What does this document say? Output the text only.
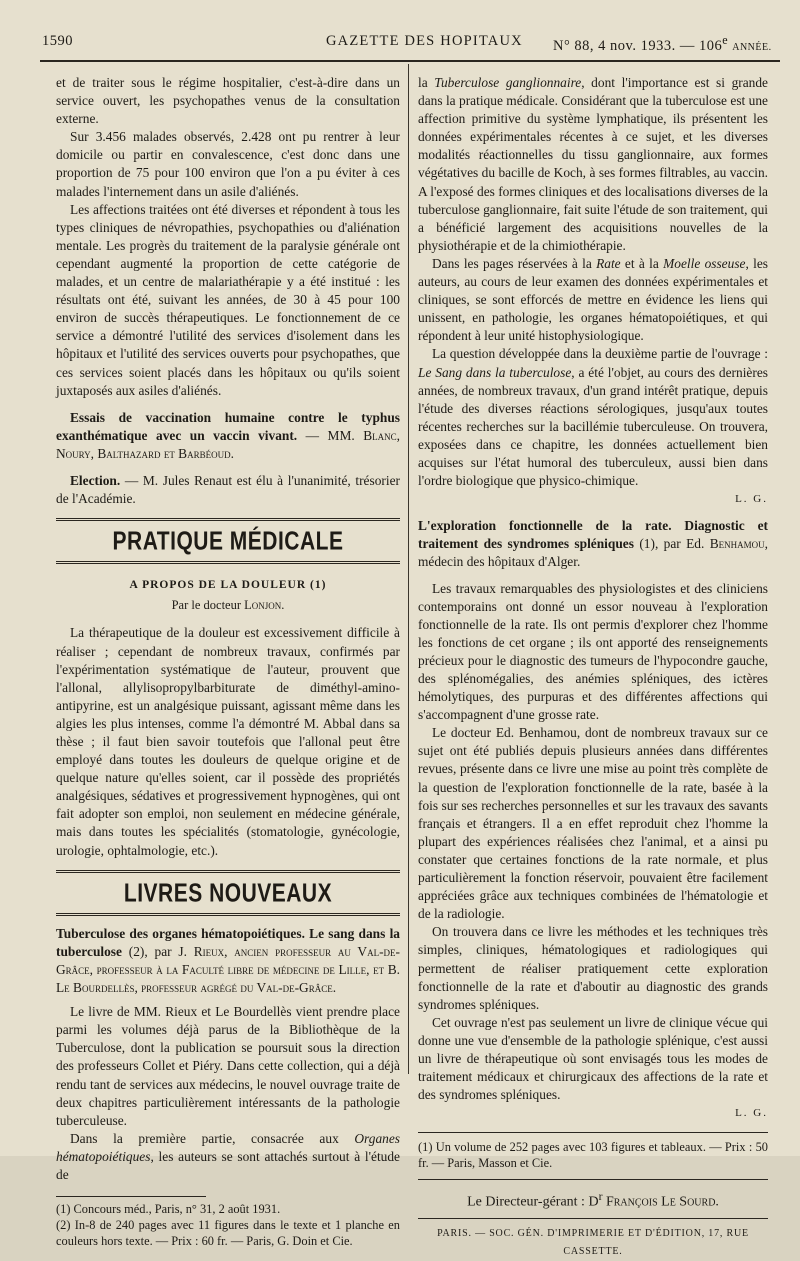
1590	GAZETTE DES HOPITAUX N° 88, 4 nov. 1933. — 106e ANNÉE.

et de traiter sous le régime hospitalier, c'est-à-dire dans un service ouvert, les psychopathes venus de la consultation externe.

Sur 3.456 malades observés, 2.428 ont pu rentrer à leur domicile ou partir en convalescence, c'est donc dans une proportion de 75 pour 100 environ que l'on a pu éviter à ces malades l'internement dans un asile d'aliénés.

Les affections traitées ont été diverses et répondent à tous les types cliniques de névropathies, psychopathies ou d'aliénation mentale. Les progrès du traitement de la paralysie générale ont cependant augmenté la proportion de cette catégorie de malades, et un centre de malariathérapie y a été institué : les résultats ont été, suivant les années, de 30 à 45 pour 100 environ de succès thérapeutiques. Le fonctionnement de ce service a démontré l'utilité des services d'isolement dans les hôpitaux et l'utilité des services ouverts pour psychopathes, que ces services soient placés dans les hôpitaux ou qu'ils soient juxtaposés aux asiles d'aliénés.

Essais de vaccination humaine contre le typhus exanthématique avec un vaccin vivant. — MM. Blanc, Noury, Balthazard et Barbéoud.

Election. — M. Jules Renaut est élu à l'unanimité, trésorier de l'Académie.

PRATIQUE MÉDICALE
A PROPOS DE LA DOULEUR (1)
Par le docteur Lonjon.

La thérapeutique de la douleur est excessivement difficile à réaliser ; cependant de nombreux travaux, confirmés par l'expérimentation systématique de l'auteur, prouvent que l'allonal, allylisopropylbarbiturate de diméthyl-amino-antipyrine, est un analgésique puissant, agissant même dans les algies les plus intenses, comme l'a démontré M. Abbal dans sa thèse ; il faut bien savoir toutefois que l'allonal peut être employé dans toutes les douleurs de quelque origine et de quelque nature qu'elles soient, car il possède des propriétés analgésiques, sédatives et progressivement hypnogènes, qui ont fait adopter son emploi, non seulement en médecine générale, mais dans toutes les spécialités (stomatologie, gynécologie, urologie, ophtalmologie, etc.).

LIVRES NOUVEAUX

Tuberculose des organes hématopoiétiques. Le sang dans la tuberculose (2), par J. Rieux, ancien professeur au Val-de-Grâce, professeur à la Faculté libre de médecine de Lille, et B. Le Bourdellès, professeur agrégé du Val-de-Grâce.

Le livre de MM. Rieux et Le Bourdellès vient prendre place parmi les volumes déjà parus de la Bibliothèque de la Tuberculose, dont la publication se poursuit sous la direction des professeurs Collet et Piéry. Dans cette collection, qui a déjà rendu tant de services aux médecins, le nouvel ouvrage traite de deux chapitres particulièrement intéressants de la pathologie tuberculeuse.

Dans la première partie, consacrée aux Organes hématopoiétiques, les auteurs se sont attachés surtout à l'étude de

(1) Concours méd., Paris, n° 31, 2 août 1931.

(2) In-8 de 240 pages avec 11 figures dans le texte et 1 planche en couleurs hors texte. — Prix : 60 fr. — Paris, G. Doin et Cie.

la Tuberculose ganglionnaire, dont l'importance est si grande dans la pratique médicale. Considérant que la tuberculose est une affection primitive du système lymphatique, ils présentent les données expérimentales récentes à ce sujet, et les diverses modalités réactionnelles du tissu ganglionnaire, aux formes végétatives du bacille de Koch, à ses formes filtrables, au vaccin. A l'exposé des formes cliniques et des localisations diverses de la tuberculose ganglionnaire, fait suite l'étude de son traitement, qui a bénéficié largement des acquisitions nouvelles de la physiothérapie et de la chimiothérapie.

Dans les pages réservées à la Rate et à la Moelle osseuse, les auteurs, au cours de leur examen des données expérimentales et cliniques, se sont efforcés de mettre en évidence les liens qui unissent, en pathologie, les organes hématopoiétiques, et qui répondent à leur unité histophysiologique.

La question développée dans la deuxième partie de l'ouvrage : Le Sang dans la tuberculose, a été l'objet, au cours des dernières années, de nombreux travaux, d'un grand intérêt pratique, depuis l'étude des diverses réactions sérologiques, jusqu'aux toutes récentes recherches sur la bacillémie tuberculeuse. On trouvera, exposées dans ce chapitre, les données actuellement bien acquises sur l'état humoral des tuberculeux, aussi bien dans l'ordre biologique que physico-chimique.

L. G.

L'exploration fonctionnelle de la rate. Diagnostic et traitement des syndromes spléniques (1), par Ed. Benhamou, médecin des hôpitaux d'Alger.

Les travaux remarquables des physiologistes et des cliniciens contemporains ont donné un essor nouveau à l'exploration fonctionnelle de la rate. Ils ont permis d'explorer chez l'homme les fonctions de cet organe ; ils ont apporté des renseignements précieux pour le diagnostic des tumeurs de l'hypocondre gauche, des splénomégalies, des anémies spléniques, des ictères hémolytiques, des purpuras et des différentes affections qui s'accompagnent d'une grosse rate.

Le docteur Ed. Benhamou, dont de nombreux travaux sur ce sujet ont été publiés depuis plusieurs années dans différentes revues, présente dans ce livre une mise au point très complète de la question de l'exploration fonctionnelle de la rate, basée à la fois sur ses recherches personnelles et sur les travaux des savants français et étrangers. Il a en effet reproduit chez l'homme la plupart des expériences réalisées chez l'animal, et a ainsi pu constater que certaines fonctions de la rate normale, et plus particulièrement la fonction réservoir, pouvaient être facilement appréciées grâce aux techniques combinées de l'hématologie et de la radiologie.

On trouvera dans ce livre les méthodes et les techniques très simples, cliniques, hématologiques et radiologiques qui permettent de réaliser pratiquement cette exploration fonctionnelle de la rate et d'aboutir au diagnostic des grands syndromes spléniques.

Cet ouvrage n'est pas seulement un livre de clinique vécue qui donne une vue d'ensemble de la pathologie splénique, c'est aussi un livre de thérapeutique où sont envisagés tous les modes de traitement médicaux et chirurgicaux des affections de la rate et des syndromes spléniques.

L. G.

(1) Un volume de 252 pages avec 103 figures et tableaux. — Prix : 50 fr. — Paris, Masson et Cie.

Le Directeur-gérant : $D^r$ François Le Sourd.
PARIS. — SOC. GÉN. D'IMPRIMERIE ET D'ÉDITION, 17, RUE CASSETTE.
